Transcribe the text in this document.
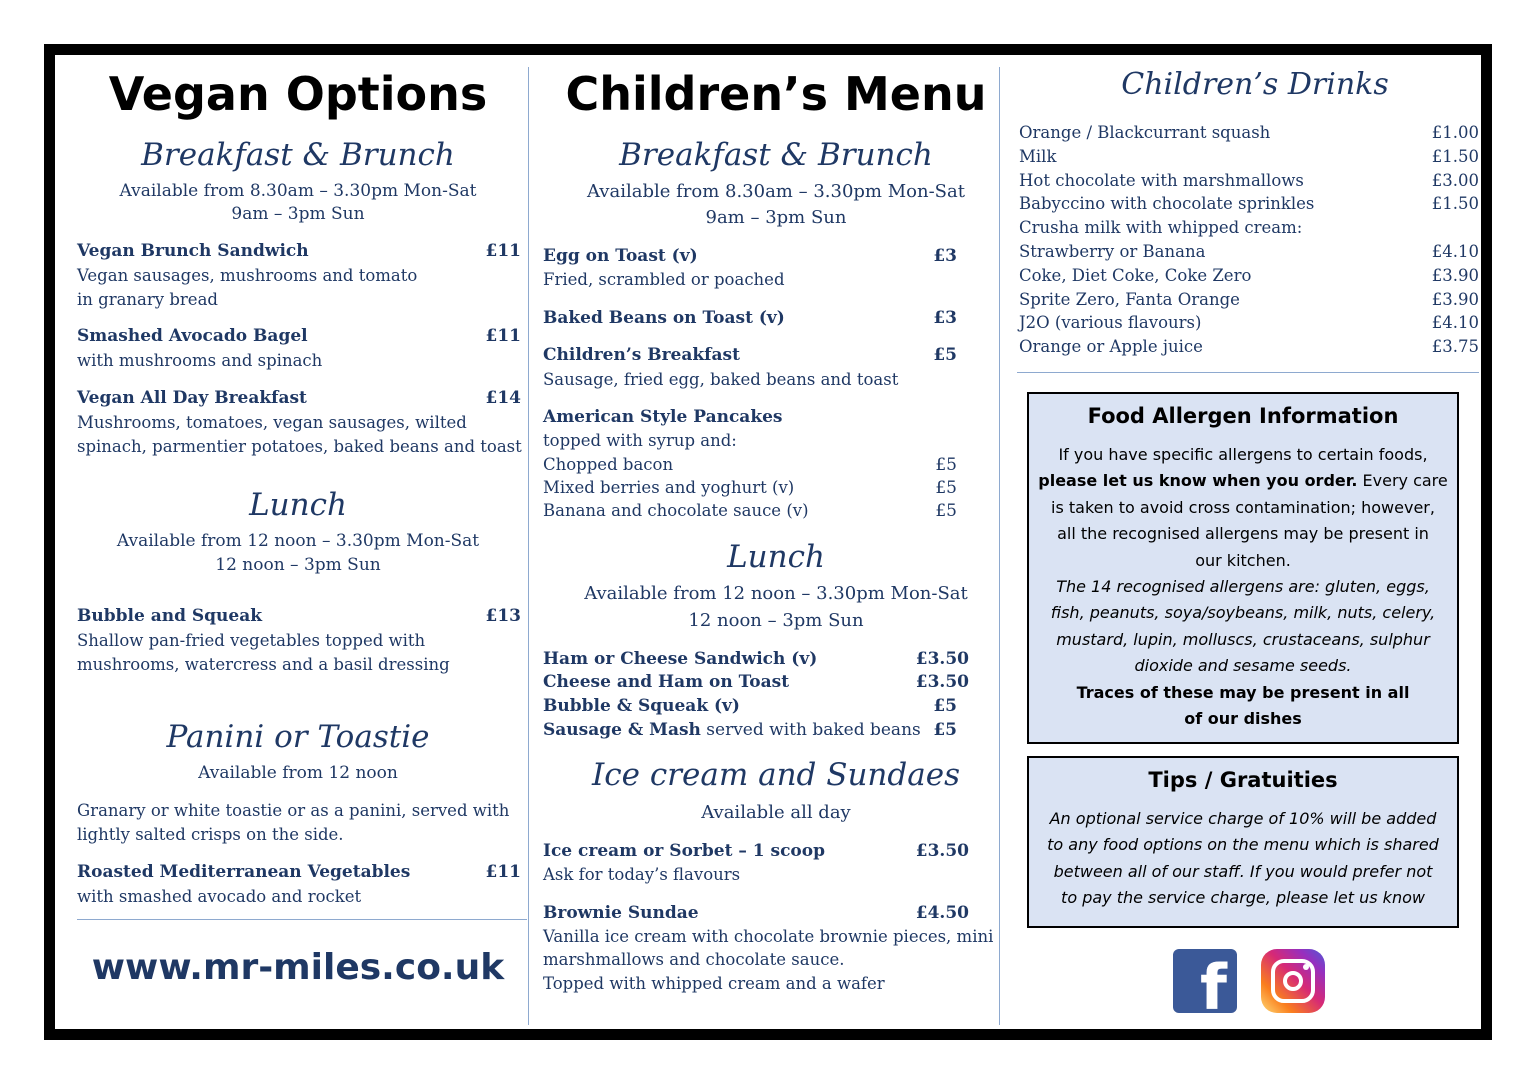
Vegan Options
Breakfast & Brunch
Available from 8.30am – 3.30pm Mon-Sat
9am – 3pm Sun
Vegan Brunch Sandwich	£11
Vegan sausages, mushrooms and tomato
in granary bread
Smashed Avocado Bagel	£11
with mushrooms and spinach
Vegan All Day Breakfast	£14
Mushrooms, tomatoes, vegan sausages, wilted
spinach, parmentier potatoes, baked beans and toast
Lunch
Available from 12 noon – 3.30pm Mon-Sat
12 noon – 3pm Sun
Bubble and Squeak	£13
Shallow pan-fried vegetables topped with
mushrooms, watercress and a basil dressing
Panini or Toastie
Available from 12 noon
Granary or white toastie or as a panini, served with
lightly salted crisps on the side.
Roasted Mediterranean Vegetables	£11
with smashed avocado and rocket
www.mr-miles.co.uk
Children’s Menu
Breakfast & Brunch
Available from 8.30am – 3.30pm Mon-Sat
9am – 3pm Sun
Egg on Toast (v)	£3
Fried, scrambled or poached
Baked Beans on Toast (v)	£3
Children’s Breakfast	£5
Sausage, fried egg, baked beans and toast
American Style Pancakes
topped with syrup and:
Chopped bacon	£5
Mixed berries and yoghurt (v)	£5
Banana and chocolate sauce (v)	£5
Lunch
Available from 12 noon – 3.30pm Mon-Sat
12 noon – 3pm Sun
Ham or Cheese Sandwich (v)	£3.50
Cheese and Ham on Toast	£3.50
Bubble & Squeak (v)	£5
Sausage & Mash served with baked beans £5
Ice cream and Sundaes
Available all day
Ice cream or Sorbet – 1 scoop	£3.50
Ask for today’s flavours
Brownie Sundae	£4.50
Vanilla ice cream with chocolate brownie pieces, mini
marshmallows and chocolate sauce.
Topped with whipped cream and a wafer
Children’s Drinks
Orange / Blackcurrant squash	£1.00
Milk	£1.50
Hot chocolate with marshmallows	£3.00
Babyccino with chocolate sprinkles	£1.50
Crusha milk with whipped cream:
Strawberry or Banana	£4.10
Coke, Diet Coke, Coke Zero	£3.90
Sprite Zero, Fanta Orange	£3.90
J2O (various flavours)	£4.10
Orange or Apple juice	£3.75
Food Allergen Information

If you have specific allergens to certain foods,

please let us know when you order. Every care

is taken to avoid cross contamination; however,

all the recognised allergens may be present in

our kitchen.

The 14 recognised allergens are: gluten, eggs,

fish, peanuts, soya/soybeans, milk, nuts, celery,

mustard, lupin, molluscs, crustaceans, sulphur

dioxide and sesame seeds.

Traces of these may be present in all

of our dishes

Tips / Gratuities

An optional service charge of 10% will be added

to any food options on the menu which is shared

between all of our staff. If you would prefer not

to pay the service charge, please let us know

f
